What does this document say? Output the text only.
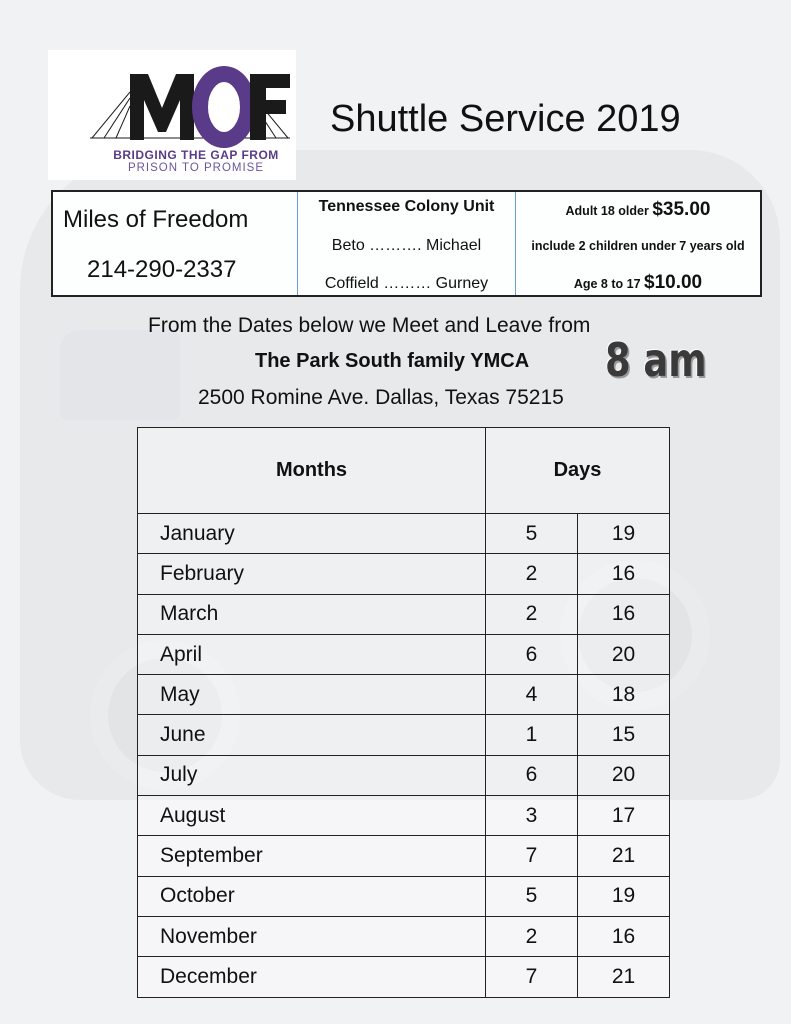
BRIDGING THE GAP FROM
PRISON TO PROMISE
Shuttle Service 2019
Miles of Freedom
214-290-2337
Tennessee Colony Unit
Beto ………. Michael
Coffield ……… Gurney
Adult 18 older $35.00
include 2 children under 7 years old
Age 8 to 17 $10.00
From the Dates below we Meet and Leave from
The Park South family YMCA
2500 Romine Ave. Dallas, Texas 75215
8 am
Months	Days	
January	5	19
February	2	16
March	2	16
April	6	20
May	4	18
June	1	15
July	6	20
August	3	17
September	7	21
October	5	19
November	2	16
December	7	21
